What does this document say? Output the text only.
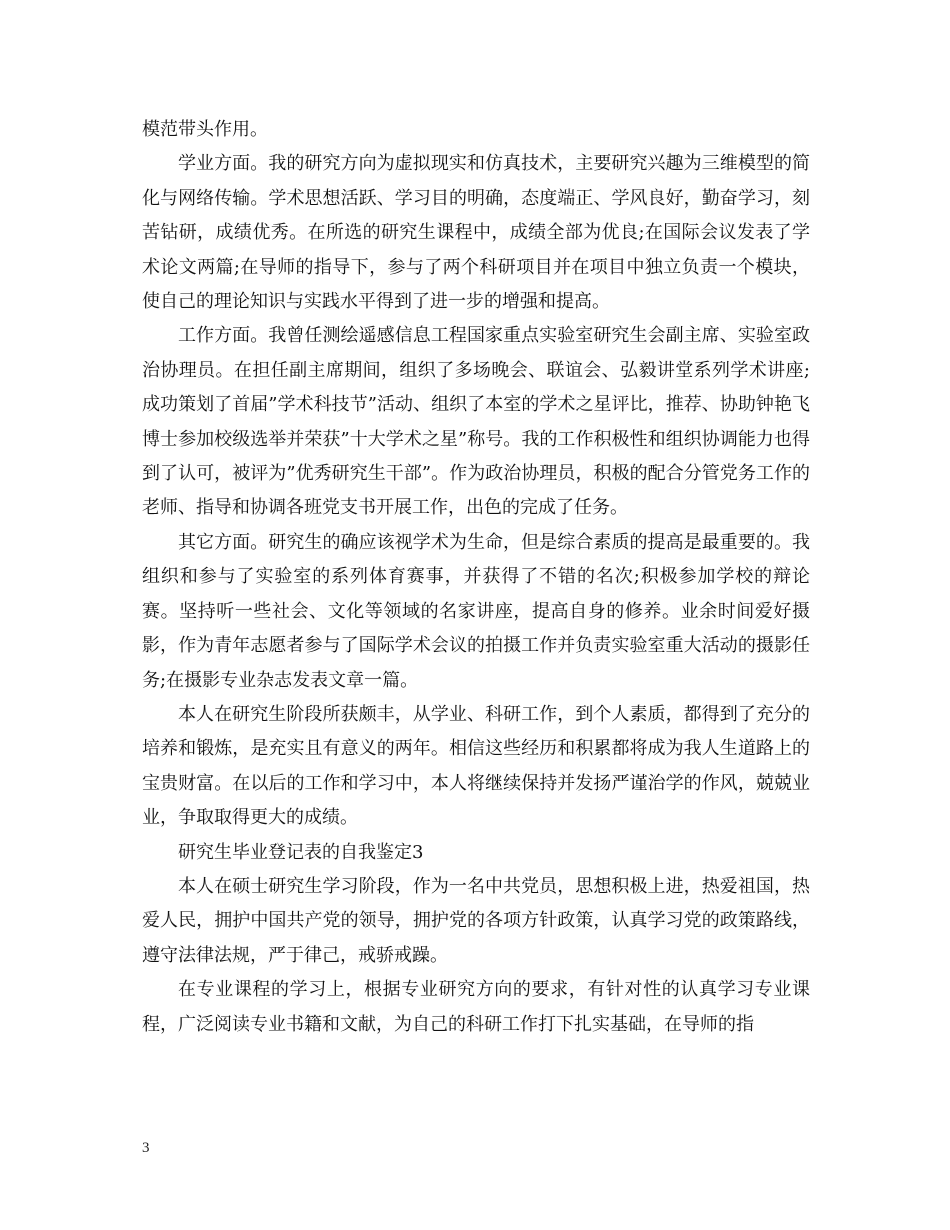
模范带头作用。

学业方面。我的研究方向为虚拟现实和仿真技术，主要研究兴趣为三维模型的简化与网络传输。学术思想活跃、学习目的明确，态度端正、学风良好，勤奋学习，刻苦钻研，成绩优秀。在所选的研究生课程中，成绩全部为优良;在国际会议发表了学术论文两篇;在导师的指导下，参与了两个科研项目并在项目中独立负责一个模块，使自己的理论知识与实践水平得到了进一步的增强和提高。

工作方面。我曾任测绘遥感信息工程国家重点实验室研究生会副主席、实验室政治协理员。在担任副主席期间，组织了多场晚会、联谊会、弘毅讲堂系列学术讲座;成功策划了首届”学术科技节”活动、组织了本室的学术之星评比，推荐、协助钟艳飞博士参加校级选举并荣获”十大学术之星”称号。我的工作积极性和组织协调能力也得到了认可，被评为”优秀研究生干部”。作为政治协理员，积极的配合分管党务工作的老师、指导和协调各班党支书开展工作，出色的完成了任务。

其它方面。研究生的确应该视学术为生命，但是综合素质的提高是最重要的。我组织和参与了实验室的系列体育赛事，并获得了不错的名次;积极参加学校的辩论赛。坚持听一些社会、文化等领域的名家讲座，提高自身的修养。业余时间爱好摄影，作为青年志愿者参与了国际学术会议的拍摄工作并负责实验室重大活动的摄影任务;在摄影专业杂志发表文章一篇。

本人在研究生阶段所获颇丰，从学业、科研工作，到个人素质，都得到了充分的培养和锻炼，是充实且有意义的两年。相信这些经历和积累都将成为我人生道路上的宝贵财富。在以后的工作和学习中，本人将继续保持并发扬严谨治学的作风，兢兢业业，争取取得更大的成绩。

研究生毕业登记表的自我鉴定3

本人在硕士研究生学习阶段，作为一名中共党员，思想积极上进，热爱祖国，热爱人民，拥护中国共产党的领导，拥护党的各项方针政策，认真学习党的政策路线，遵守法律法规，严于律己，戒骄戒躁。

在专业课程的学习上，根据专业研究方向的要求，有针对性的认真学习专业课程，广泛阅读专业书籍和文献，为自己的科研工作打下扎实基础，在导师的指

3
